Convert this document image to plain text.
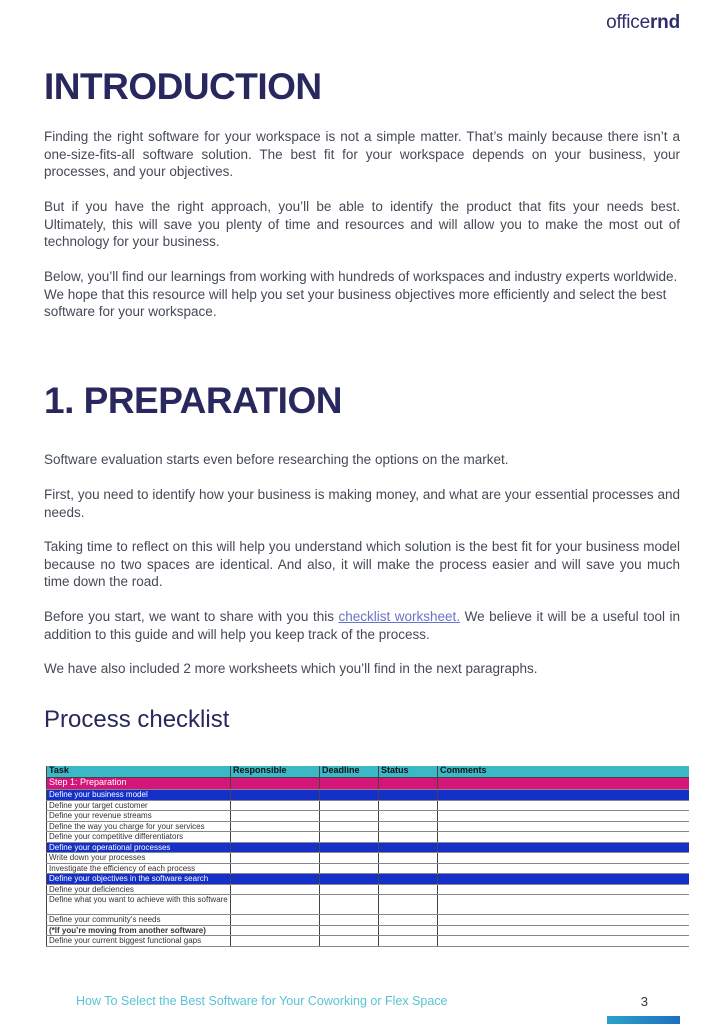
officernd
INTRODUCTION

Finding the right software for your workspace is not a simple matter. That’s mainly because there isn’t a one-size-fits-all software solution. The best fit for your workspace depends on your business, your processes, and your objectives.

But if you have the right approach, you’ll be able to identify the product that fits your needs best. Ultimately, this will save you plenty of time and resources and will allow you to make the most out of technology for your business.

Below, you’ll find our learnings from working with hundreds of workspaces and industry experts worldwide. We hope that this resource will help you set your business objectives more efficiently and select the best software for your workspace.

1. PREPARATION

Software evaluation starts even before researching the options on the market.

First, you need to identify how your business is making money, and what are your essential processes and needs.

Taking time to reflect on this will help you understand which solution is the best fit for your business model because no two spaces are identical. And also, it will make the process easier and will save you much time down the road.

Before you start, we want to share with you this checklist worksheet. We believe it will be a useful tool in addition to this guide and will help you keep track of the process.

We have also included 2 more worksheets which you’ll find in the next paragraphs.

Process checklist
Task	Responsible	Deadline	Status	Comments
Step 1: Preparation				
Define your business model				
Define your target customer				
Define your revenue streams				
Define the way you charge for your services				
Define your competitive differentiators				
Define your operational processes				
Write down your processes				
Investigate the efficiency of each process				
Define your objectives in the software search				
Define your deficiencies				
Define what you want to achieve with this software				
Define your community’s needs				
(*If you’re moving from another software)				
Define your current biggest functional gaps				
How To Select the Best Software for Your Coworking or Flex Space	3
